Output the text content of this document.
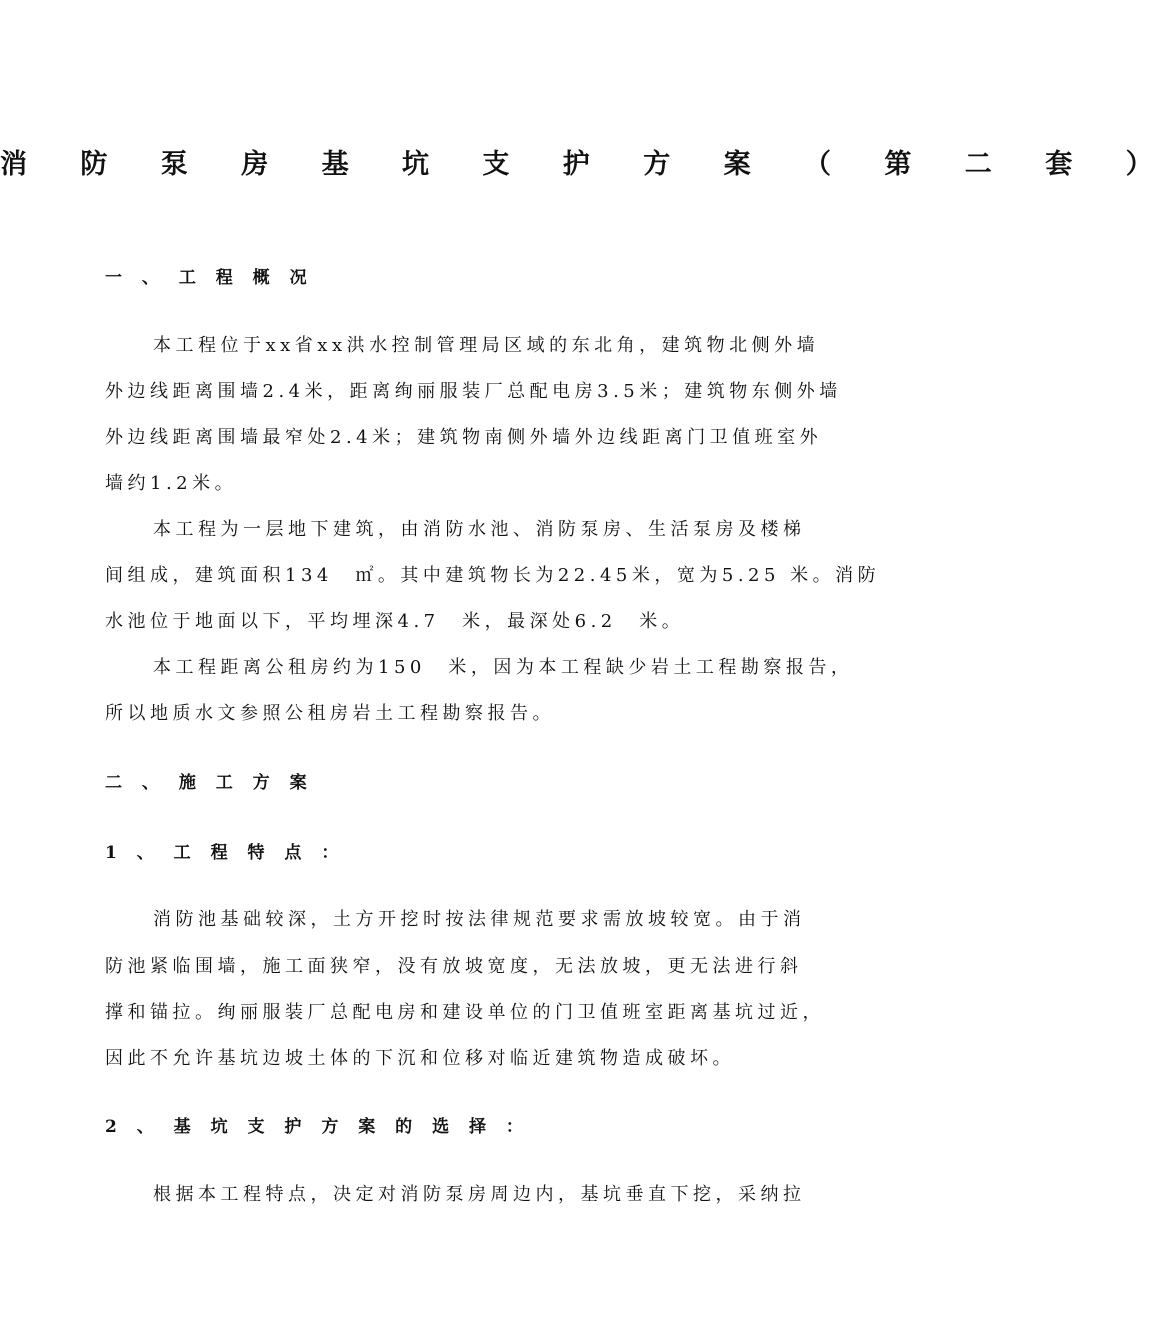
消 防 泵 房 基 坑 支 护 方 案 （ 第 二 套 ）
一 、 工 程 概 况
本工程位于xx省xx洪水控制管理局区域的东北角，建筑物北侧外墙
外边线距离围墙2.4米，距离绚丽服装厂总配电房3.5米；建筑物东侧外墙
外边线距离围墙最窄处2.4米；建筑物南侧外墙外边线距离门卫值班室外
墙约1.2米。
本工程为一层地下建筑，由消防水池、消防泵房、生活泵房及楼梯
间组成，建筑面积134　㎡。其中建筑物长为22.45米，宽为5.25 米。消防
水池位于地面以下，平均埋深4.7　米，最深处6.2　米。
本工程距离公租房约为150　米，因为本工程缺少岩土工程勘察报告，
所以地质水文参照公租房岩土工程勘察报告。
二 、 施 工 方 案
1 、 工 程 特 点 ：
消防池基础较深，土方开挖时按法律规范要求需放坡较宽。由于消
防池紧临围墙，施工面狭窄，没有放坡宽度，无法放坡，更无法进行斜
撑和锚拉。绚丽服装厂总配电房和建设单位的门卫值班室距离基坑过近，
因此不允许基坑边坡土体的下沉和位移对临近建筑物造成破坏。
2 、 基 坑 支 护 方 案 的 选 择 ：
根据本工程特点，决定对消防泵房周边内，基坑垂直下挖，采纳拉
